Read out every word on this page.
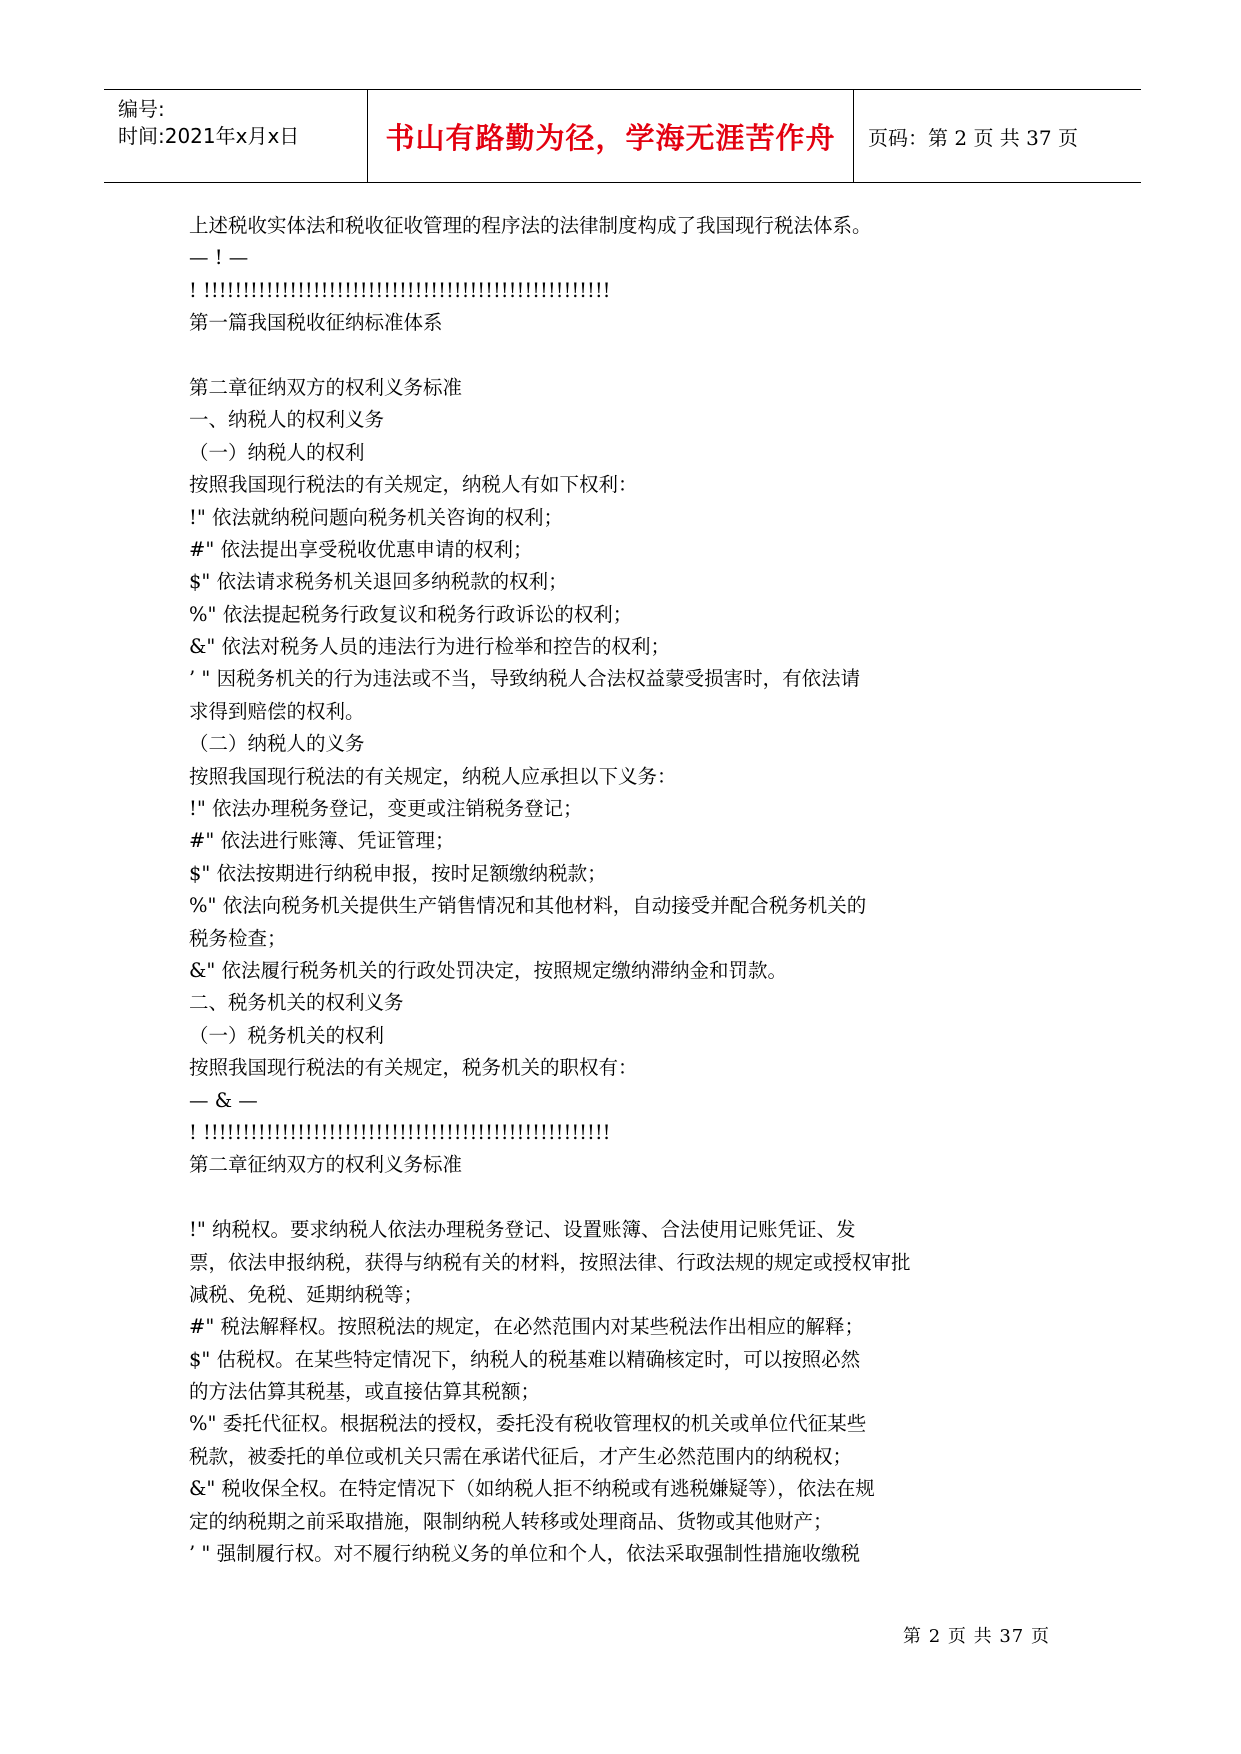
编号:
时间:2021年x月x日	书山有路勤为径，学海无涯苦作舟	页码：第 2 页 共 37 页

上述税收实体法和税收征收管理的程序法的法律制度构成了我国现行税法体系。

— ! —

! !!!!!!!!!!!!!!!!!!!!!!!!!!!!!!!!!!!!!!!!!!!!!!!!!!!!

第一篇我国税收征纳标准体系

第二章征纳双方的权利义务标准

一、纳税人的权利义务

（一）纳税人的权利

按照我国现行税法的有关规定，纳税人有如下权利：

!" 依法就纳税问题向税务机关咨询的权利；

#" 依法提出享受税收优惠申请的权利；

$" 依法请求税务机关退回多纳税款的权利；

%" 依法提起税务行政复议和税务行政诉讼的权利；

&" 依法对税务人员的违法行为进行检举和控告的权利；

’ " 因税务机关的行为违法或不当，导致纳税人合法权益蒙受损害时，有依法请

求得到赔偿的权利。

（二）纳税人的义务

按照我国现行税法的有关规定，纳税人应承担以下义务：

!" 依法办理税务登记，变更或注销税务登记；

#" 依法进行账簿、凭证管理；

$" 依法按期进行纳税申报，按时足额缴纳税款；

%" 依法向税务机关提供生产销售情况和其他材料，自动接受并配合税务机关的

税务检查；

&" 依法履行税务机关的行政处罚决定，按照规定缴纳滞纳金和罚款。

二、税务机关的权利义务

（一）税务机关的权利

按照我国现行税法的有关规定，税务机关的职权有：

— & —

! !!!!!!!!!!!!!!!!!!!!!!!!!!!!!!!!!!!!!!!!!!!!!!!!!!!!

第二章征纳双方的权利义务标准

!" 纳税权。要求纳税人依法办理税务登记、设置账簿、合法使用记账凭证、发

票，依法申报纳税，获得与纳税有关的材料，按照法律、行政法规的规定或授权审批

减税、免税、延期纳税等；

#" 税法解释权。按照税法的规定，在必然范围内对某些税法作出相应的解释；

$" 估税权。在某些特定情况下，纳税人的税基难以精确核定时，可以按照必然

的方法估算其税基，或直接估算其税额；

%" 委托代征权。根据税法的授权，委托没有税收管理权的机关或单位代征某些

税款，被委托的单位或机关只需在承诺代征后，才产生必然范围内的纳税权；

&" 税收保全权。在特定情况下（如纳税人拒不纳税或有逃税嫌疑等），依法在规

定的纳税期之前采取措施，限制纳税人转移或处理商品、货物或其他财产；

’ " 强制履行权。对不履行纳税义务的单位和个人，依法采取强制性措施收缴税

第 2 页 共 37 页
